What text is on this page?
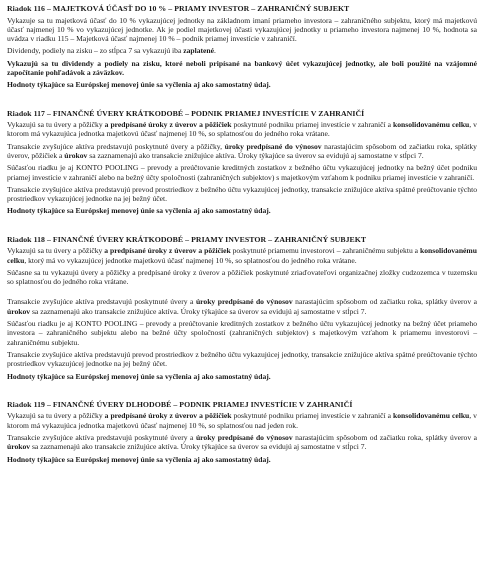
Riadok 116 – MAJETKOVÁ ÚČASŤ DO 10 % – PRIAMY INVESTOR – ZAHRANIČNÝ SUBJEKT

Vykazuje sa tu majetková účasť do 10 % vykazujúcej jednotky na základnom imaní priameho investora – zahraničného subjektu, ktorý má majetkovú účasť najmenej 10 % vo vykazujúcej jednotke. Ak je podiel majetkovej účasti vykazujúcej jednotky u priameho investora najmenej 10 %, hodnota sa uvádza v riadku 115 – Majetková účasť najmenej 10 % – podnik priamej investície v zahraničí.

Dividendy, podiely na zisku – zo stĺpca 7 sa vykazujú iba zaplatené.

Vykazujú sa tu dividendy a podiely na zisku, ktoré neboli pripísané na bankový účet vykazujúcej jednotky, ale boli použité na vzájomné započítanie pohľadávok a záväzkov.

Hodnoty týkajúce sa Európskej menovej únie sa vyčlenia aj ako samostatný údaj.

Riadok 117 – FINANČNÉ ÚVERY KRÁTKODOBÉ – PODNIK PRIAMEJ INVESTÍCIE V ZAHRANIČÍ

Vykazujú sa tu úvery a pôžičky a predpísané úroky z úverov a pôžičiek poskytnuté podniku priamej investície v zahraničí a konsolidovanému celku, v ktorom má vykazujúca jednotka majetkovú účasť najmenej 10 %, so splatnosťou do jedného roka vrátane.

Transakcie zvyšujúce aktíva predstavujú poskytnuté úvery a pôžičky, úroky predpísané do výnosov narastajúcim spôsobom od začiatku roka, splátky úverov, pôžičiek a úrokov sa zaznamenajú ako transakcie znižujúce aktíva. Úroky týkajúce sa úverov sa evidujú aj samostatne v stĺpci 7.

Súčasťou riadku je aj KONTO POOLING – prevody a preúčtovanie kreditných zostatkov z bežného účtu vykazujúcej jednotky na bežný účet podniku priamej investície v zahraničí alebo na bežný účty spoločnosti (zahraničných subjektov) s majetkovým vzťahom k podniku priamej investície v zahraničí.

Transakcie zvyšujúce aktíva predstavujú prevod prostriedkov z bežného účtu vykazujúcej jednotky, transakcie znižujúce aktíva spätné preúčtovanie týchto prostriedkov vykazujúcej jednotke na jej bežný účet.

Hodnoty týkajúce sa Európskej menovej únie sa vyčlenia aj ako samostatný údaj.

Riadok 118 – FINANČNÉ ÚVERY KRÁTKODOBÉ – PRIAMY INVESTOR – ZAHRANIČNÝ SUBJEKT

Vykazujú sa tu úvery a pôžičky a predpísané úroky z úverov a pôžičiek poskytnuté priamemu investorovi – zahraničnému subjektu a konsolidovanému celku, ktorý má vo vykazujúcej jednotke majetkovú účasť najmenej 10 %, so splatnosťou do jedného roka vrátane.

Súčasne sa tu vykazujú úvery a pôžičky a predpísané úroky z úverov a pôžičiek poskytnuté zriaďovateľovi organizačnej zložky cudzozemca v tuzemsku so splatnosťou do jedného roka vrátane.

Transakcie zvyšujúce aktíva predstavujú poskytnuté úvery a úroky predpísané do výnosov narastajúcim spôsobom od začiatku roka, splátky úverov a úrokov sa zaznamenajú ako transakcie znižujúce aktíva. Úroky týkajúce sa úverov sa evidujú aj samostatne v stĺpci 7.

Súčasťou riadku je aj KONTO POOLING – prevody a preúčtovanie kreditných zostatkov z bežného účtu vykazujúcej jednotky na bežný účet priameho investora – zahraničného subjektu alebo na bežné účty spoločností (zahraničných subjektov) s majetkovým vzťahom k priamemu investorovi – zahraničnému subjektu.

Transakcie zvyšujúce aktíva predstavujú prevod prostriedkov z bežného účtu vykazujúcej jednotky, transakcie znižujúce aktíva spätné preúčtovanie týchto prostriedkov vykazujúcej jednotke na jej bežný účet.

Hodnoty týkajúce sa Európskej menovej únie sa vyčlenia aj ako samostatný údaj.

Riadok 119 – FINANČNÉ ÚVERY DLHODOBÉ – PODNIK PRIAMEJ INVESTÍCIE V ZAHRANIČÍ

Vykazujú sa tu úvery a pôžičky a predpísané úroky z úverov a pôžičiek poskytnuté podniku priamej investície v zahraničí a konsolidovanému celku, v ktorom má vykazujúca jednotka majetkovú účasť najmenej 10 %, so splatnosťou nad jeden rok.

Transakcie zvyšujúce aktíva predstavujú poskytnuté úvery a úroky predpísané do výnosov narastajúcim spôsobom od začiatku roka, splátky úverov a úrokov sa zaznamenajú ako transakcie znižujúce aktíva. Úroky týkajúce sa úverov sa evidujú aj samostatne v stĺpci 7.

Hodnoty týkajúce sa Európskej menovej únie sa vyčlenia aj ako samostatný údaj.
